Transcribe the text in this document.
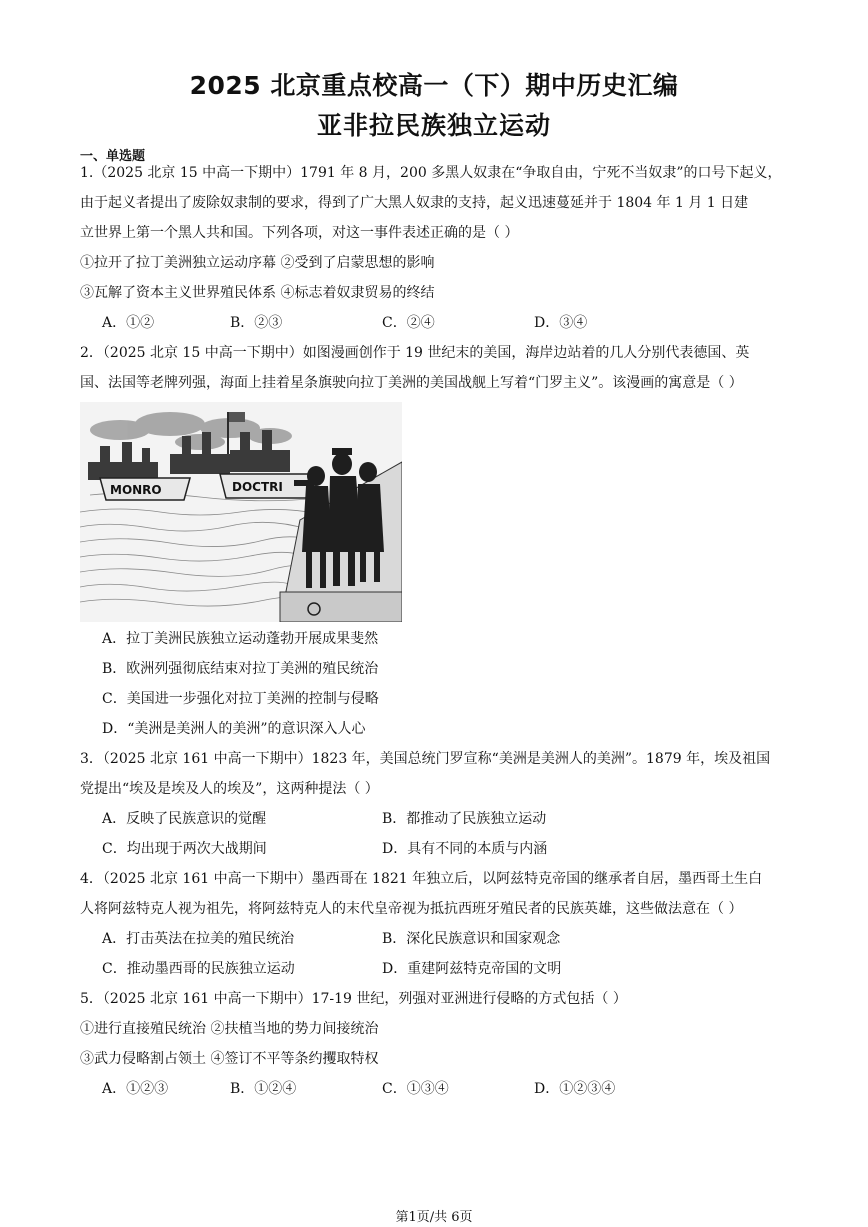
2025 北京重点校高一（下）期中历史汇编
亚非拉民族独立运动
一、单选题
1.（2025 北京 15 中高一下期中）1791 年 8 月，200 多黑人奴隶在“争取自由，宁死不当奴隶”的口号下起义，
由于起义者提出了废除奴隶制的要求，得到了广大黑人奴隶的支持，起义迅速蔓延并于 1804 年 1 月 1 日建
立世界上第一个黑人共和国。下列各项，对这一事件表述正确的是（ ）
①拉开了拉丁美洲独立运动序幕 ②受到了启蒙思想的影响
③瓦解了资本主义世界殖民体系 ④标志着奴隶贸易的终结
A．①②	B．②③	C．②④	D．③④
2．（2025 北京 15 中高一下期中）如图漫画创作于 19 世纪末的美国，海岸边站着的几人分别代表德国、英
国、法国等老牌列强，海面上挂着星条旗驶向拉丁美洲的美国战舰上写着“门罗主义”。该漫画的寓意是（ ）
MONRO	DOCTRI
A．拉丁美洲民族独立运动蓬勃开展成果斐然
B．欧洲列强彻底结束对拉丁美洲的殖民统治
C．美国进一步强化对拉丁美洲的控制与侵略
D．“美洲是美洲人的美洲”的意识深入人心
3．（2025 北京 161 中高一下期中）1823 年，美国总统门罗宣称“美洲是美洲人的美洲”。1879 年，埃及祖国
党提出“埃及是埃及人的埃及”，这两种提法（ ）
A．反映了民族意识的觉醒	B．都推动了民族独立运动
C．均出现于两次大战期间	D．具有不同的本质与内涵
4．（2025 北京 161 中高一下期中）墨西哥在 1821 年独立后，以阿兹特克帝国的继承者自居，墨西哥土生白
人将阿兹特克人视为祖先，将阿兹特克人的末代皇帝视为抵抗西班牙殖民者的民族英雄，这些做法意在（ ）
A．打击英法在拉美的殖民统治	B．深化民族意识和国家观念
C．推动墨西哥的民族独立运动	D．重建阿兹特克帝国的文明
5．（2025 北京 161 中高一下期中）17-19 世纪，列强对亚洲进行侵略的方式包括（ ）
①进行直接殖民统治 ②扶植当地的势力间接统治
③武力侵略割占领土 ④签订不平等条约攫取特权
A．①②③	B．①②④	C．①③④	D．①②③④
第1页/共 6页
